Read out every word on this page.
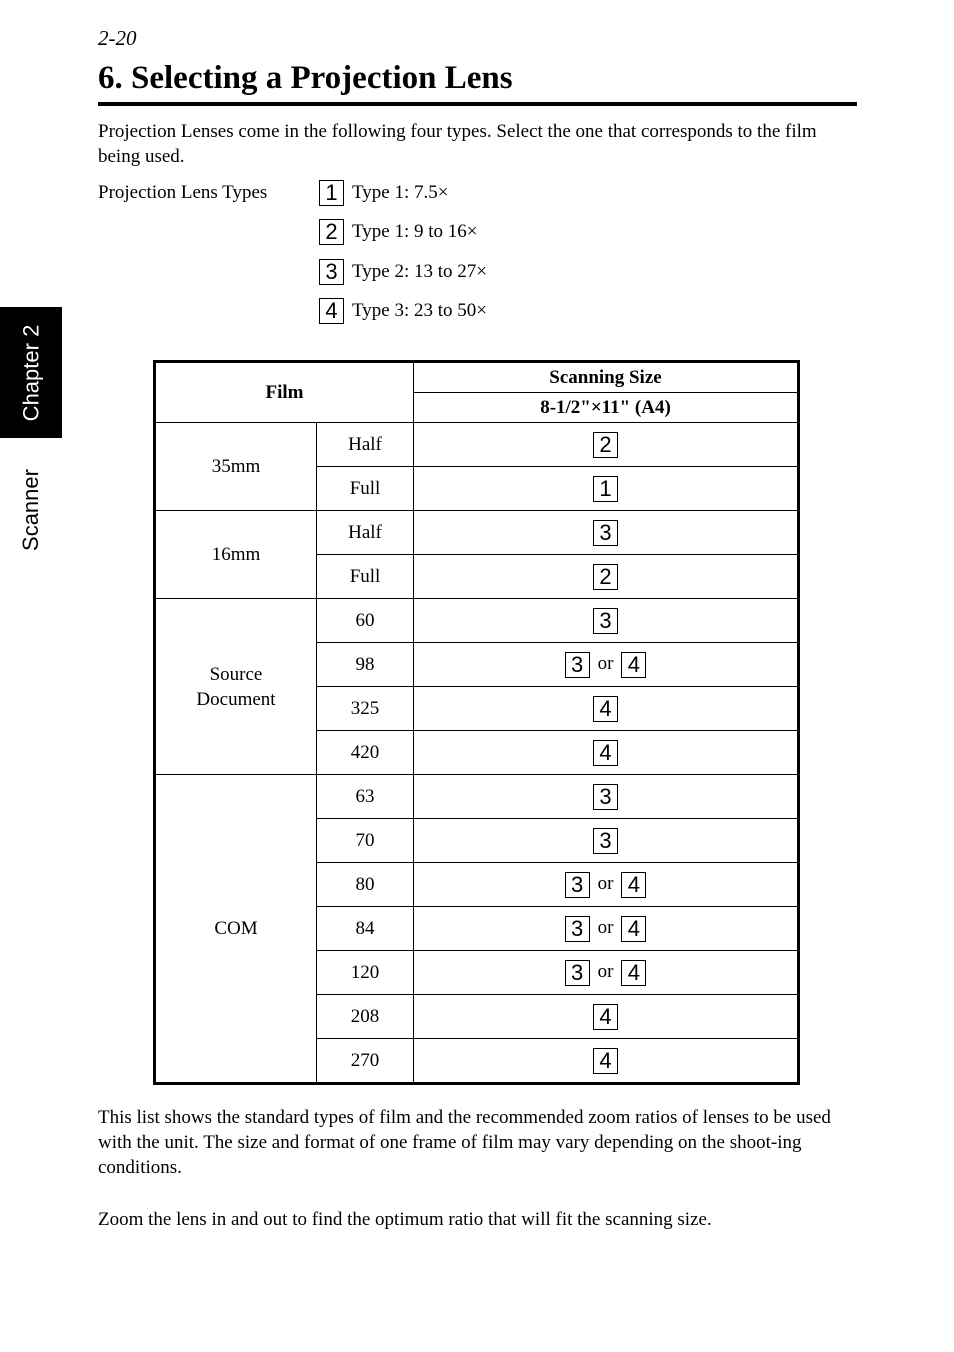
2-20
6. Selecting a Projection Lens

Projection Lenses come in the following four types. Select the one that corresponds to the film being used.

Projection Lens Types	1 Type 1: 7.5×
2 Type 1: 9 to 16×
3 Type 2: 13 to 27×
4 Type 3: 23 to 50×
Chapter 2
Scanner
Film		Scanning Size
		8-1/2"×11" (A4)
35mm	Half	2
	Full	1
16mm	Half	3
	Full	2
Source
Document	60	3
	98	3 or 4
	325	4
	420	4
COM	63	3
	70	3
	80	3 or 4
	84	3 or 4
	120	3 or 4
	208	4
	270	4

This list shows the standard types of film and the recommended zoom ratios of lenses to be used with the unit. The size and format of one frame of film may vary depending on the shoot-ing conditions.

Zoom the lens in and out to find the optimum ratio that will fit the scanning size.
